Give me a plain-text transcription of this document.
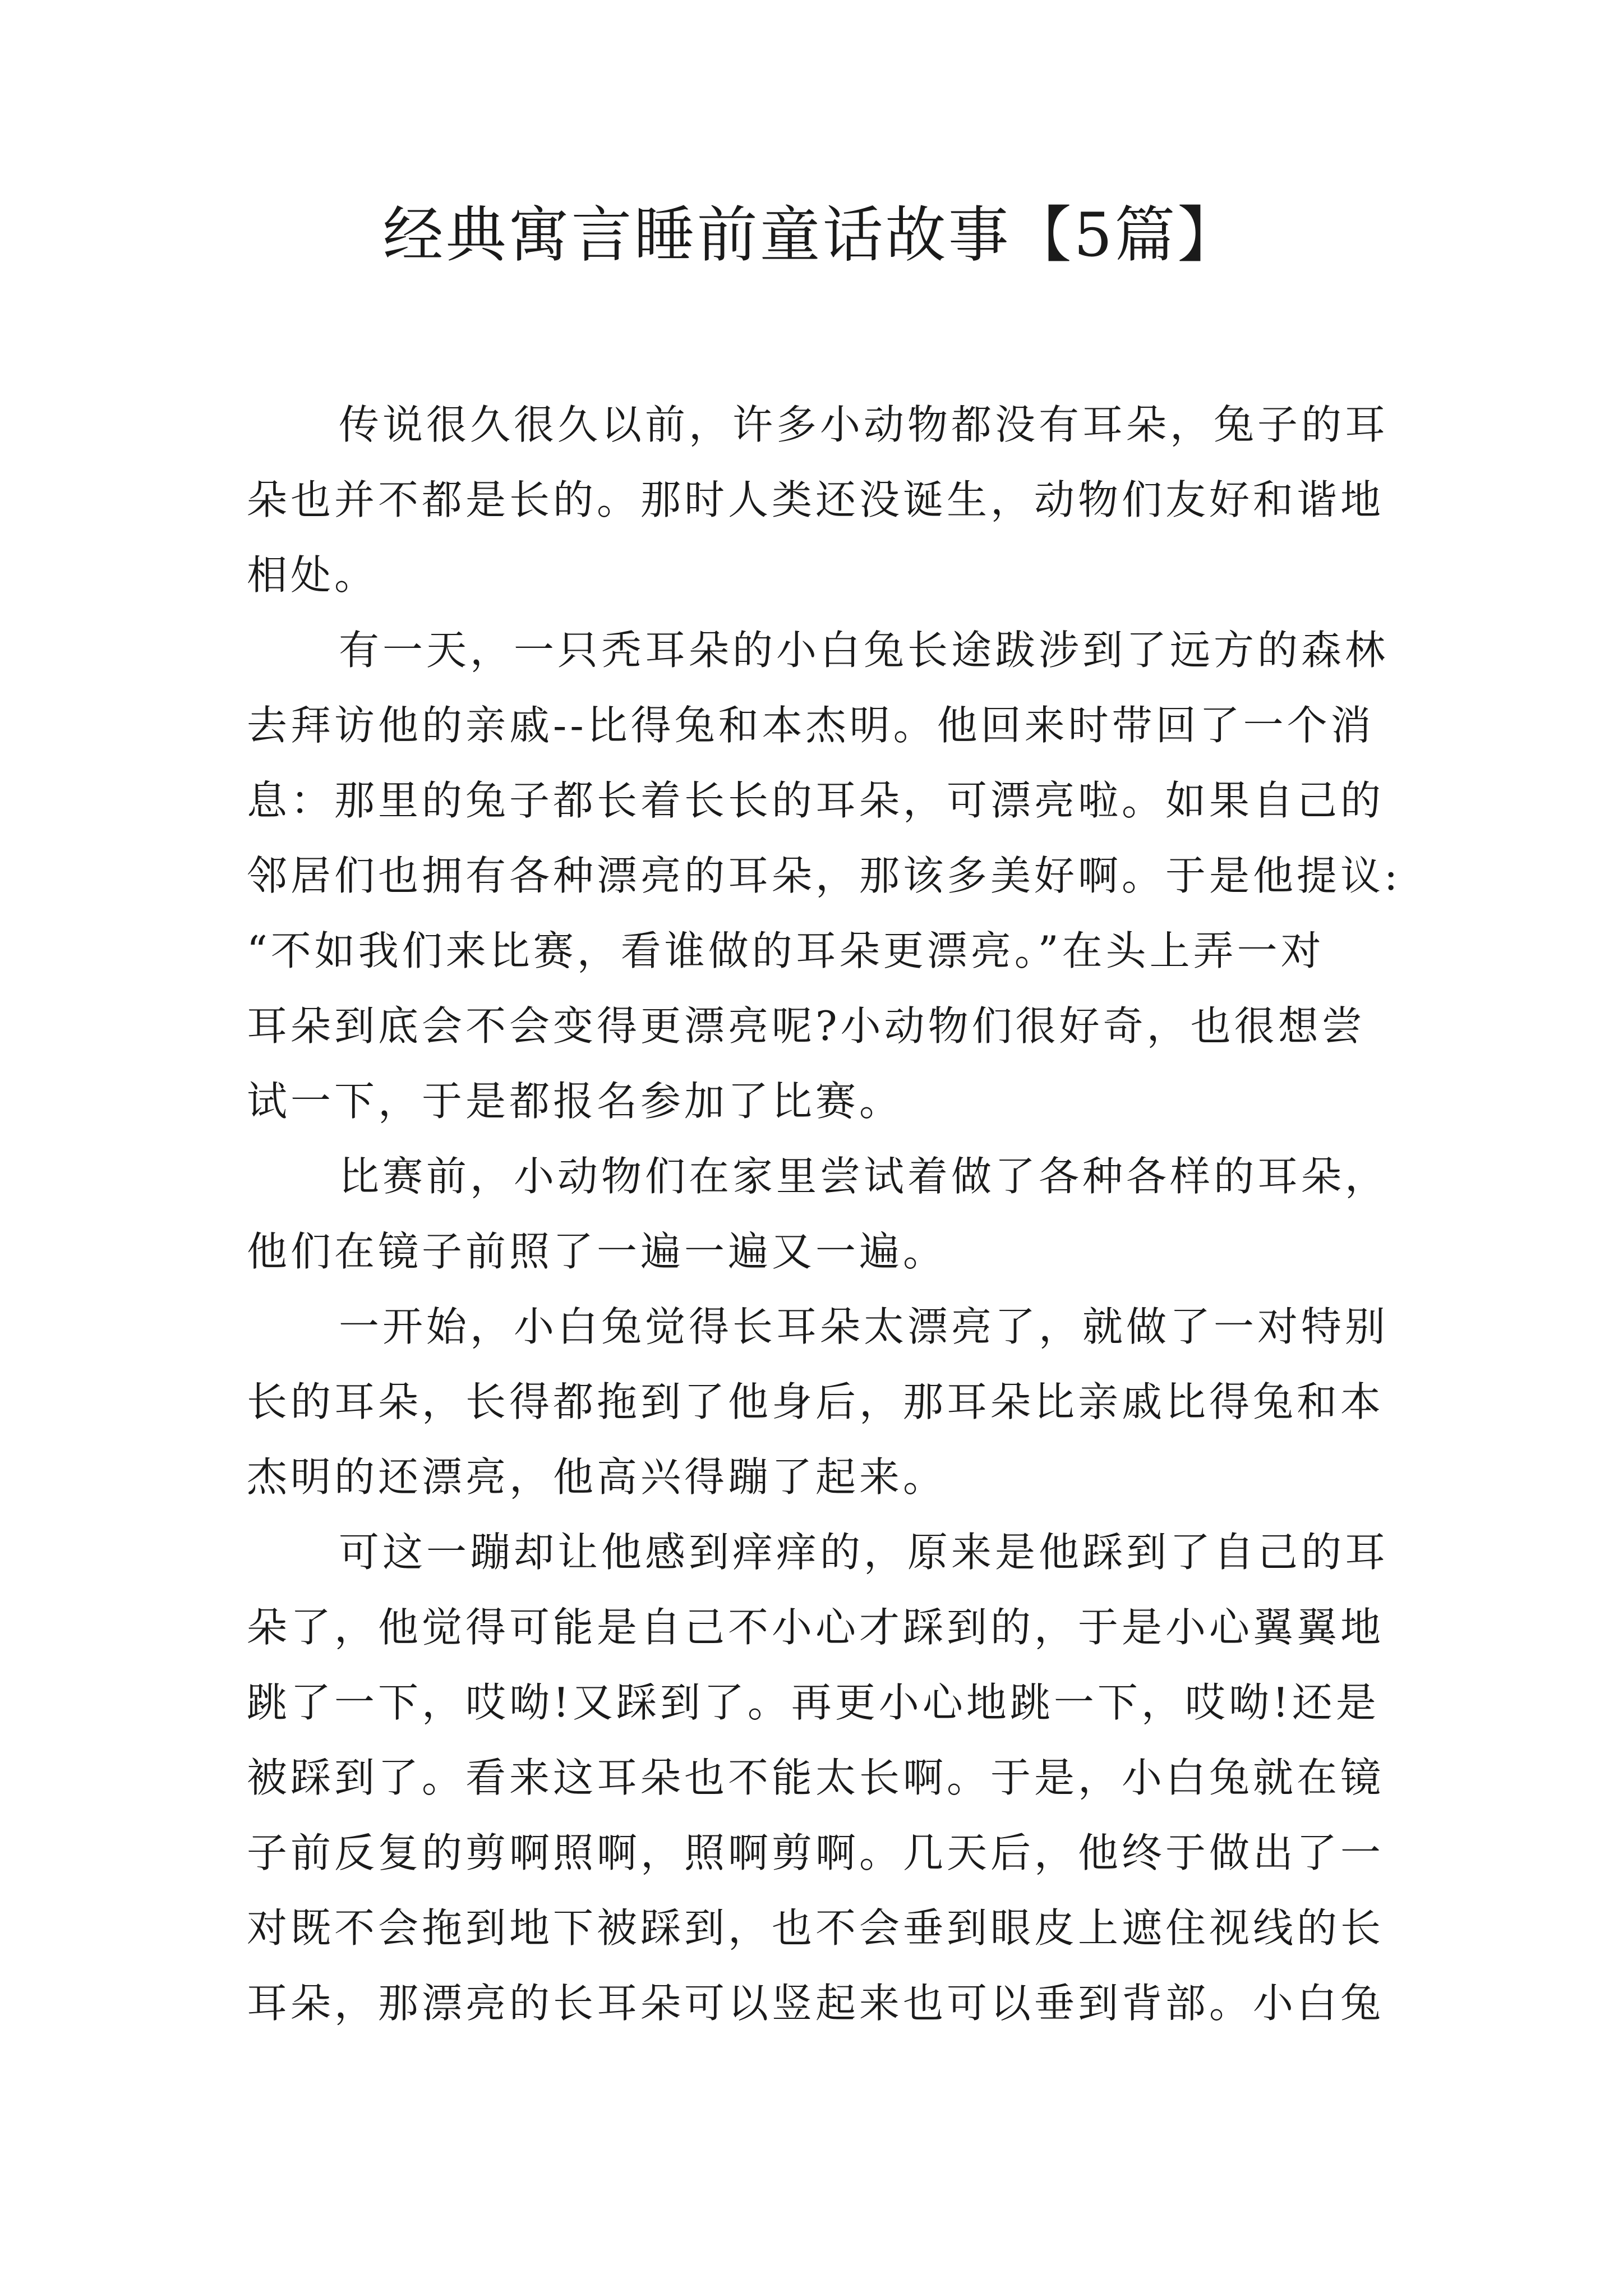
经典寓言睡前童话故事【5篇】
传说很久很久以前，许多小动物都没有耳朵，兔子的耳
朵也并不都是长的。那时人类还没诞生，动物们友好和谐地
相处。
有一天，一只秃耳朵的小白兔长途跋涉到了远方的森林
去拜访他的亲戚--比得兔和本杰明。他回来时带回了一个消
息：那里的兔子都长着长长的耳朵，可漂亮啦。如果自己的
邻居们也拥有各种漂亮的耳朵，那该多美好啊。于是他提议:
“不如我们来比赛，看谁做的耳朵更漂亮。”在头上弄一对
耳朵到底会不会变得更漂亮呢?小动物们很好奇，也很想尝
试一下，于是都报名参加了比赛。
比赛前，小动物们在家里尝试着做了各种各样的耳朵，
他们在镜子前照了一遍一遍又一遍。
一开始，小白兔觉得长耳朵太漂亮了，就做了一对特别
长的耳朵，长得都拖到了他身后，那耳朵比亲戚比得兔和本
杰明的还漂亮，他高兴得蹦了起来。
可这一蹦却让他感到痒痒的，原来是他踩到了自己的耳
朵了，他觉得可能是自己不小心才踩到的，于是小心翼翼地
跳了一下，哎呦!又踩到了。再更小心地跳一下，哎呦!还是
被踩到了。看来这耳朵也不能太长啊。于是，小白兔就在镜
子前反复的剪啊照啊，照啊剪啊。几天后，他终于做出了一
对既不会拖到地下被踩到，也不会垂到眼皮上遮住视线的长
耳朵，那漂亮的长耳朵可以竖起来也可以垂到背部。小白兔
